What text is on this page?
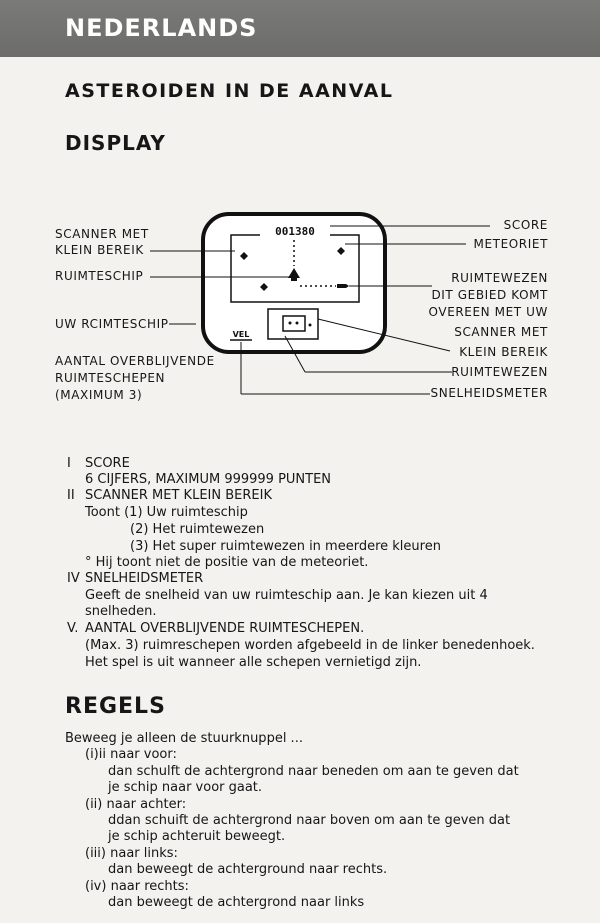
NEDERLANDS
ASTEROIDEN IN DE AANVAL
DISPLAY
001380
VEL
SCANNER MET
KLEIN BEREIK
RUIMTESCHIP
UW RCIMTESCHIP
AANTAL OVERBLIJVENDE
RUIMTESCHEPEN
(MAXIMUM 3)
SCORE
METEORIET
RUIMTEWEZEN
DIT GEBIED KOMT
OVEREEN MET UW
SCANNER MET
KLEIN BEREIK
RUIMTEWEZEN
SNELHEIDSMETER
I SCORE
6 CIJFERS, MAXIMUM 999999 PUNTEN
II SCANNER MET KLEIN BEREIK
Toont (1) Uw ruimteschip
(2) Het ruimtewezen
(3) Het super ruimtewezen in meerdere kleuren
° Hij toont niet de positie van de meteoriet.
IV SNELHEIDSMETER
Geeft de snelheid van uw ruimteschip aan. Je kan kiezen uit 4
snelheden.
V. AANTAL OVERBLIJVENDE RUIMTESCHEPEN.
(Max. 3) ruimreschepen worden afgebeeld in de linker benedenhoek.
Het spel is uit wanneer alle schepen vernietigd zijn.
REGELS
Beweeg je alleen de stuurknuppel ...
(i)ii naar voor:
dan schulft de achtergrond naar beneden om aan te geven dat
je schip naar voor gaat.
(ii) naar achter:
ddan schuift de achtergrond naar boven om aan te geven dat
je schip achteruit beweegt.
(iii) naar links:
dan beweegt de achterground naar rechts.
(iv) naar rechts:
dan beweegt de achtergrond naar links
